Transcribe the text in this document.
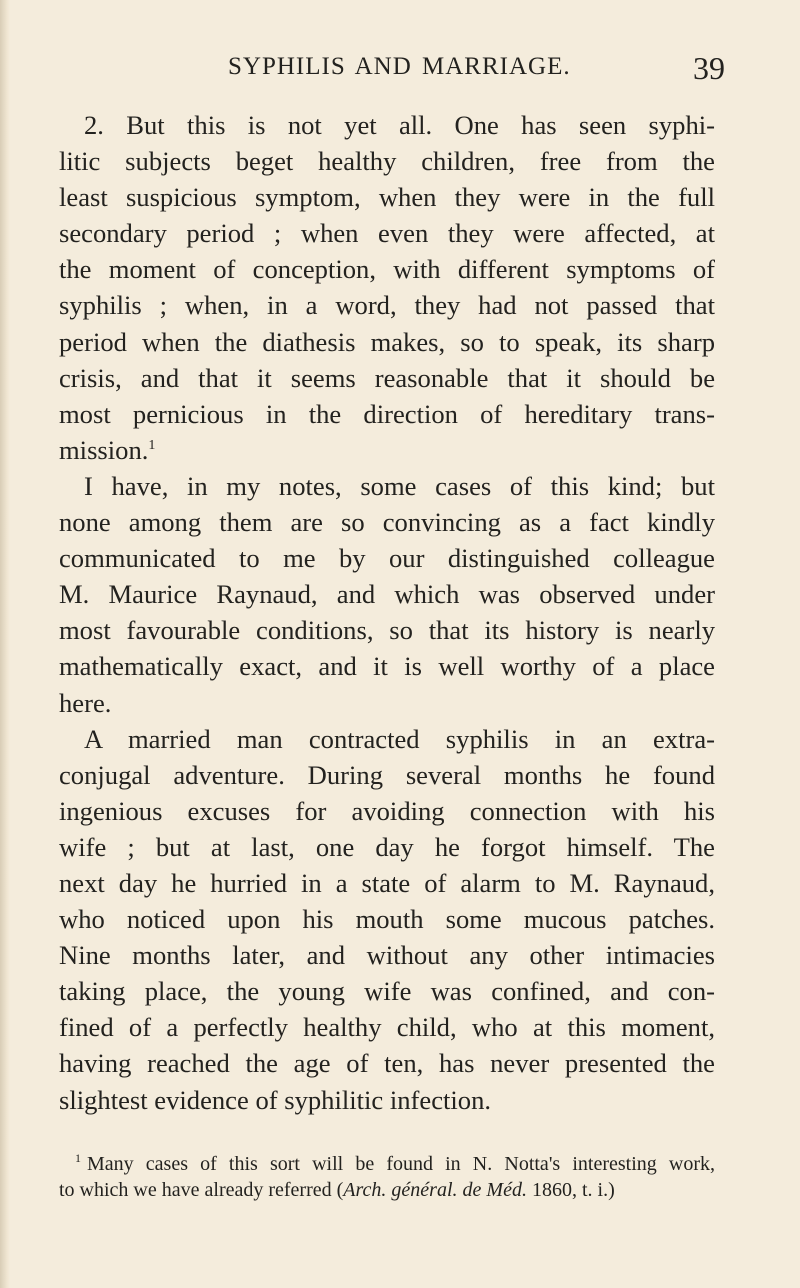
SYPHILIS AND MARRIAGE.	39
2. But this is not yet all. One has seen syphi-
litic subjects beget healthy children, free from the
least suspicious symptom, when they were in the full
secondary period ; when even they were affected, at
the moment of conception, with different symptoms of
syphilis ; when, in a word, they had not passed that
period when the diathesis makes, so to speak, its sharp
crisis, and that it seems reasonable that it should be
most pernicious in the direction of hereditary trans-
mission.$^1$
I have, in my notes, some cases of this kind; but
none among them are so convincing as a fact kindly
communicated to me by our distinguished colleague
M. Maurice Raynaud, and which was observed under
most favourable conditions, so that its history is nearly
mathematically exact, and it is well worthy of a place
here.
A married man contracted syphilis in an extra-
conjugal adventure. During several months he found
ingenious excuses for avoiding connection with his
wife ; but at last, one day he forgot himself. The
next day he hurried in a state of alarm to M. Raynaud,
who noticed upon his mouth some mucous patches.
Nine months later, and without any other intimacies
taking place, the young wife was confined, and con-
fined of a perfectly healthy child, who at this moment,
having reached the age of ten, has never presented the
slightest evidence of syphilitic infection.
$^1$ Many cases of this sort will be found in N. Notta's interesting work,
to which we have already referred (Arch. général. de Méd. 1860, t. i.)
